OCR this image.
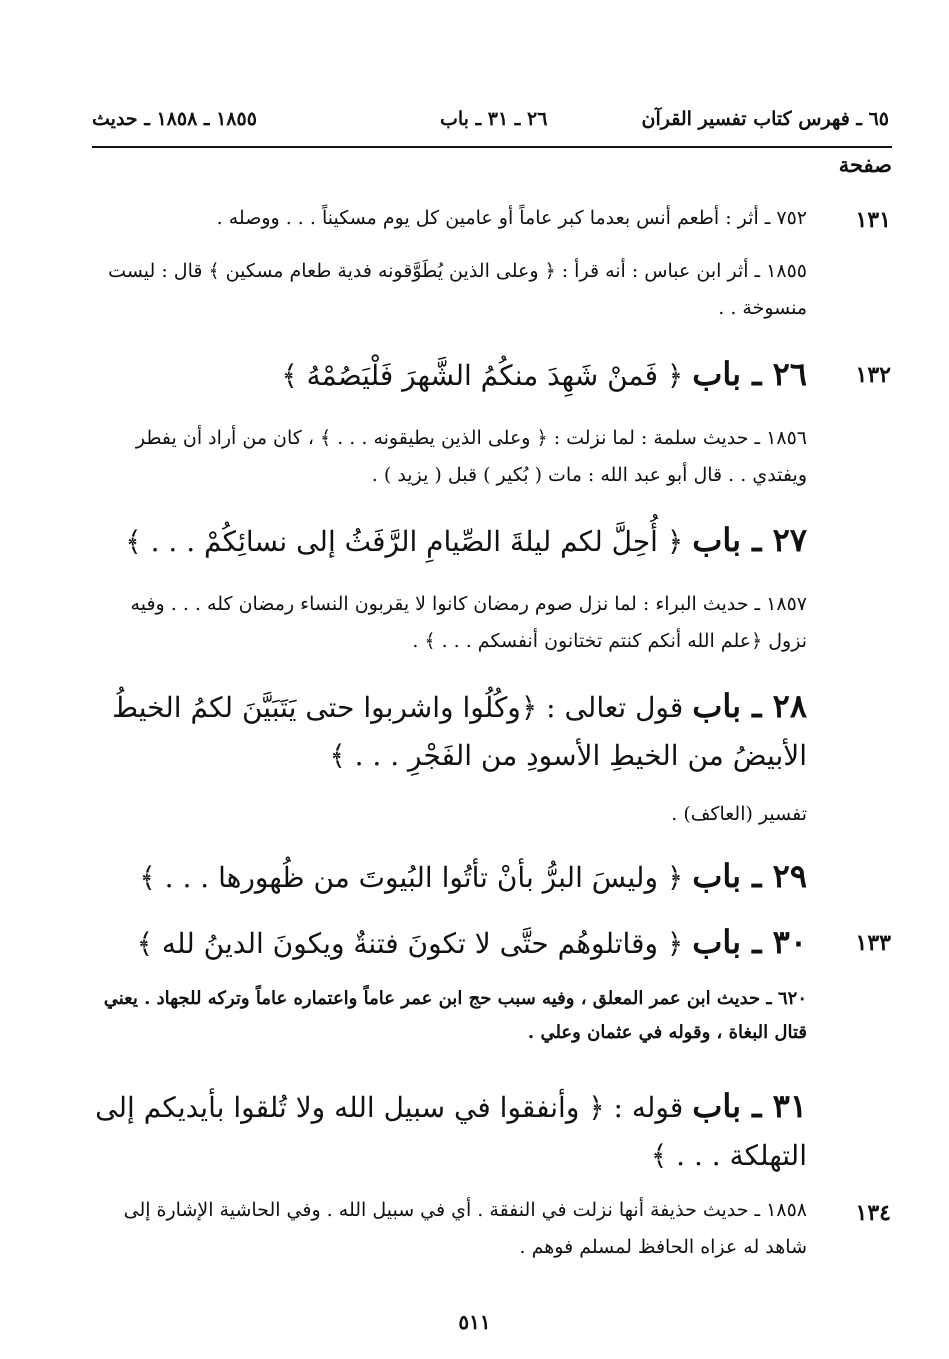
٦٥ ـ فهرس كتاب تفسير القرآن
٢٦ ـ ٣١ ـ باب
١٨٥٥ ـ ١٨٥٨ ـ حديث
صفحة
١٣١
٧٥٢ ـ أثر : أطعم أنس بعدما كبر عاماً أو عامين كل يوم مسكيناً . . . ووصله .
١٨٥٥ ـ أثر ابن عباس : أنه قرأ : ﴿ وعلى الذين يُطَوَّقونه فدية طعام مسكين ﴾ قال : ليست منسوخة . .
١٣٢
٢٦ ـ باب ﴿ فَمنْ شَهِدَ منكُمُ الشَّهرَ فَلْيَصُمْهُ ﴾
١٨٥٦ ـ حديث سلمة : لما نزلت : ﴿ وعلى الذين يطيقونه . . . ﴾ ، كان من أراد أن يفطر ويفتدي . . قال أبو عبد الله : مات ( بُكير ) قبل ( يزيد ) .
٢٧ ـ باب ﴿ أُحِلَّ لكم ليلةَ الصِّيامِ الرَّفَثُ إلى نسائِكُمْ . . . ﴾
١٨٥٧ ـ حديث البراء : لما نزل صوم رمضان كانوا لا يقربون النساء رمضان كله . . . وفيه نزول ﴿علم الله أنكم كنتم تختانون أنفسكم . . . ﴾ .
٢٨ ـ باب قول تعالى : ﴿وكُلُوا واشربوا حتى يَتَبَيَّنَ لكمُ الخيطُ الأبيضُ من الخيطِ الأسودِ من الفَجْرِ . . . ﴾
تفسير (العاكف) .
٢٩ ـ باب ﴿ وليسَ البرُّ بأنْ تأتُوا البُيوتَ من ظُهورها . . . ﴾
١٣٣
٣٠ ـ باب ﴿ وقاتلوهُم حتَّى لا تكونَ فتنةٌ ويكونَ الدينُ لله ﴾
٦٢٠ ـ حديث ابن عمر المعلق ، وفيه سبب حج ابن عمر عاماً واعتماره عاماً وتركه للجهاد . يعني قتال البغاة ، وقوله في عثمان وعلي .
٣١ ـ باب قوله : ﴿ وأنفقوا في سبيل الله ولا تُلقوا بأيديكم إلى التهلكة . . . ﴾
١٣٤
١٨٥٨ ـ حديث حذيفة أنها نزلت في النفقة . أي في سبيل الله . وفي الحاشية الإشارة إلى شاهد له عزاه الحافظ لمسلم فوهم .
٥١١
